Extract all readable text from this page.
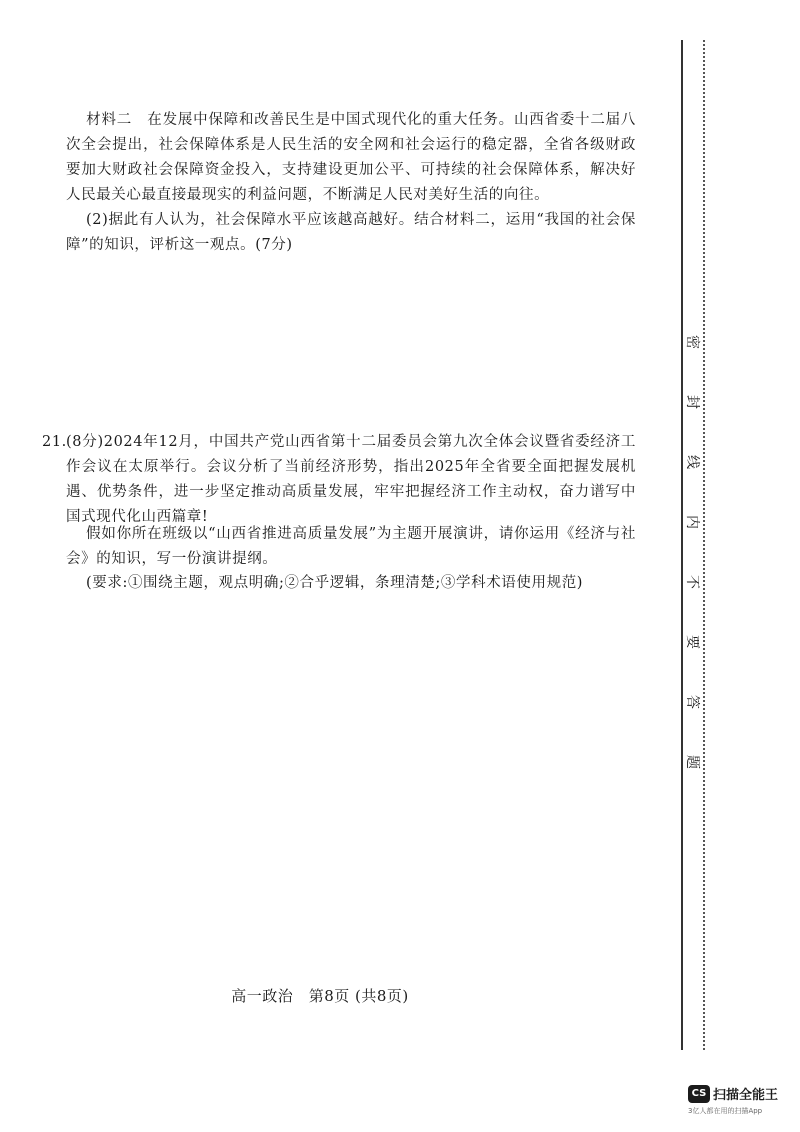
材料二　 在发展中保障和改善民生是中国式现代化的重大任务。山西省委十二届八次全会提出，社会保障体系是人民生活的安全网和社会运行的稳定器，全省各级财政要加大财政社会保障资金投入，支持建设更加公平、可持续的社会保障体系，解决好人民最关心最直接最现实的利益问题，不断满足人民对美好生活的向往。

(2)据此有人认为，社会保障水平应该越高越好。结合材料二，运用“我国的社会保障”的知识，评析这一观点。(7分)

21. (8分)2024年12月，中国共产党山西省第十二届委员会第九次全体会议暨省委经济工作会议在太原举行。会议分析了当前经济形势，指出2025年全省要全面把握发展机遇、优势条件，进一步坚定推动高质量发展，牢牢把握经济工作主动权，奋力谱写中国式现代化山西篇章!

假如你所在班级以“山西省推进高质量发展”为主题开展演讲，请你运用《经济与社会》的知识，写一份演讲提纲。

(要求:①围绕主题，观点明确;②合乎逻辑，条理清楚;③学科术语使用规范)

高一政治　第8页 (共8页)
密
封
线
内
不
要
答
题
CS 扫描全能王
3亿人都在用的扫描App
